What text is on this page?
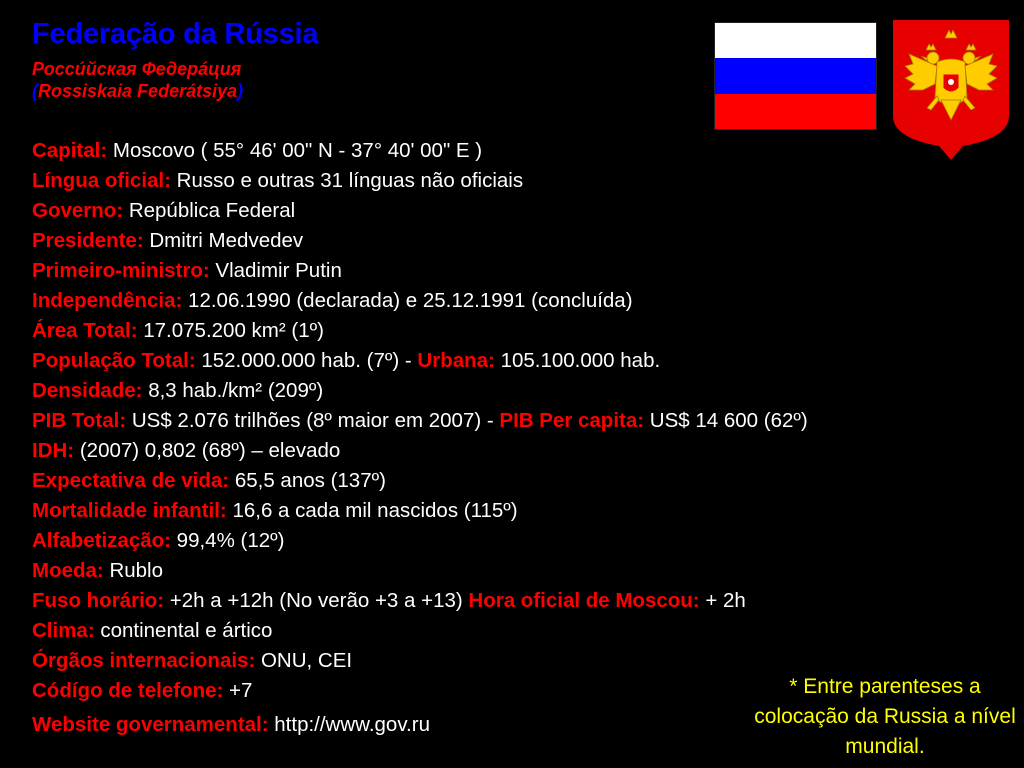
Federação da Rússia
Россúйская Федерáция
(Rossiskaia Federátsiya)
Capital: Moscovo ( 55° 46' 00" N - 37° 40' 00" E )
Língua oficial: Russo e outras 31 línguas não oficiais
Governo: República Federal
Presidente: Dmitri Medvedev
Primeiro-ministro: Vladimir Putin
Independência: 12.06.1990 (declarada) e 25.12.1991 (concluída)
Área Total: 17.075.200 km² (1º)
População Total: 152.000.000 hab. (7º) - Urbana: 105.100.000 hab.
Densidade: 8,3 hab./km² (209º)
PIB Total: US$ 2.076 trilhões (8º maior em 2007) - PIB Per capita: US$ 14 600 (62º)
IDH: (2007) 0,802 (68º) – elevado
Expectativa de vida: 65,5 anos (137º)
Mortalidade infantil: 16,6 a cada mil nascidos (115º)
Alfabetização: 99,4% (12º)
Moeda: Rublo
Fuso horário: +2h a +12h (No verão +3 a +13) Hora oficial de Moscou: + 2h
Clima: continental e ártico
Órgãos internacionais: ONU, CEI
Códígo de telefone: +7
Website governamental: http://www.gov.ru
* Entre parenteses a colocação da Russia a nível mundial.
